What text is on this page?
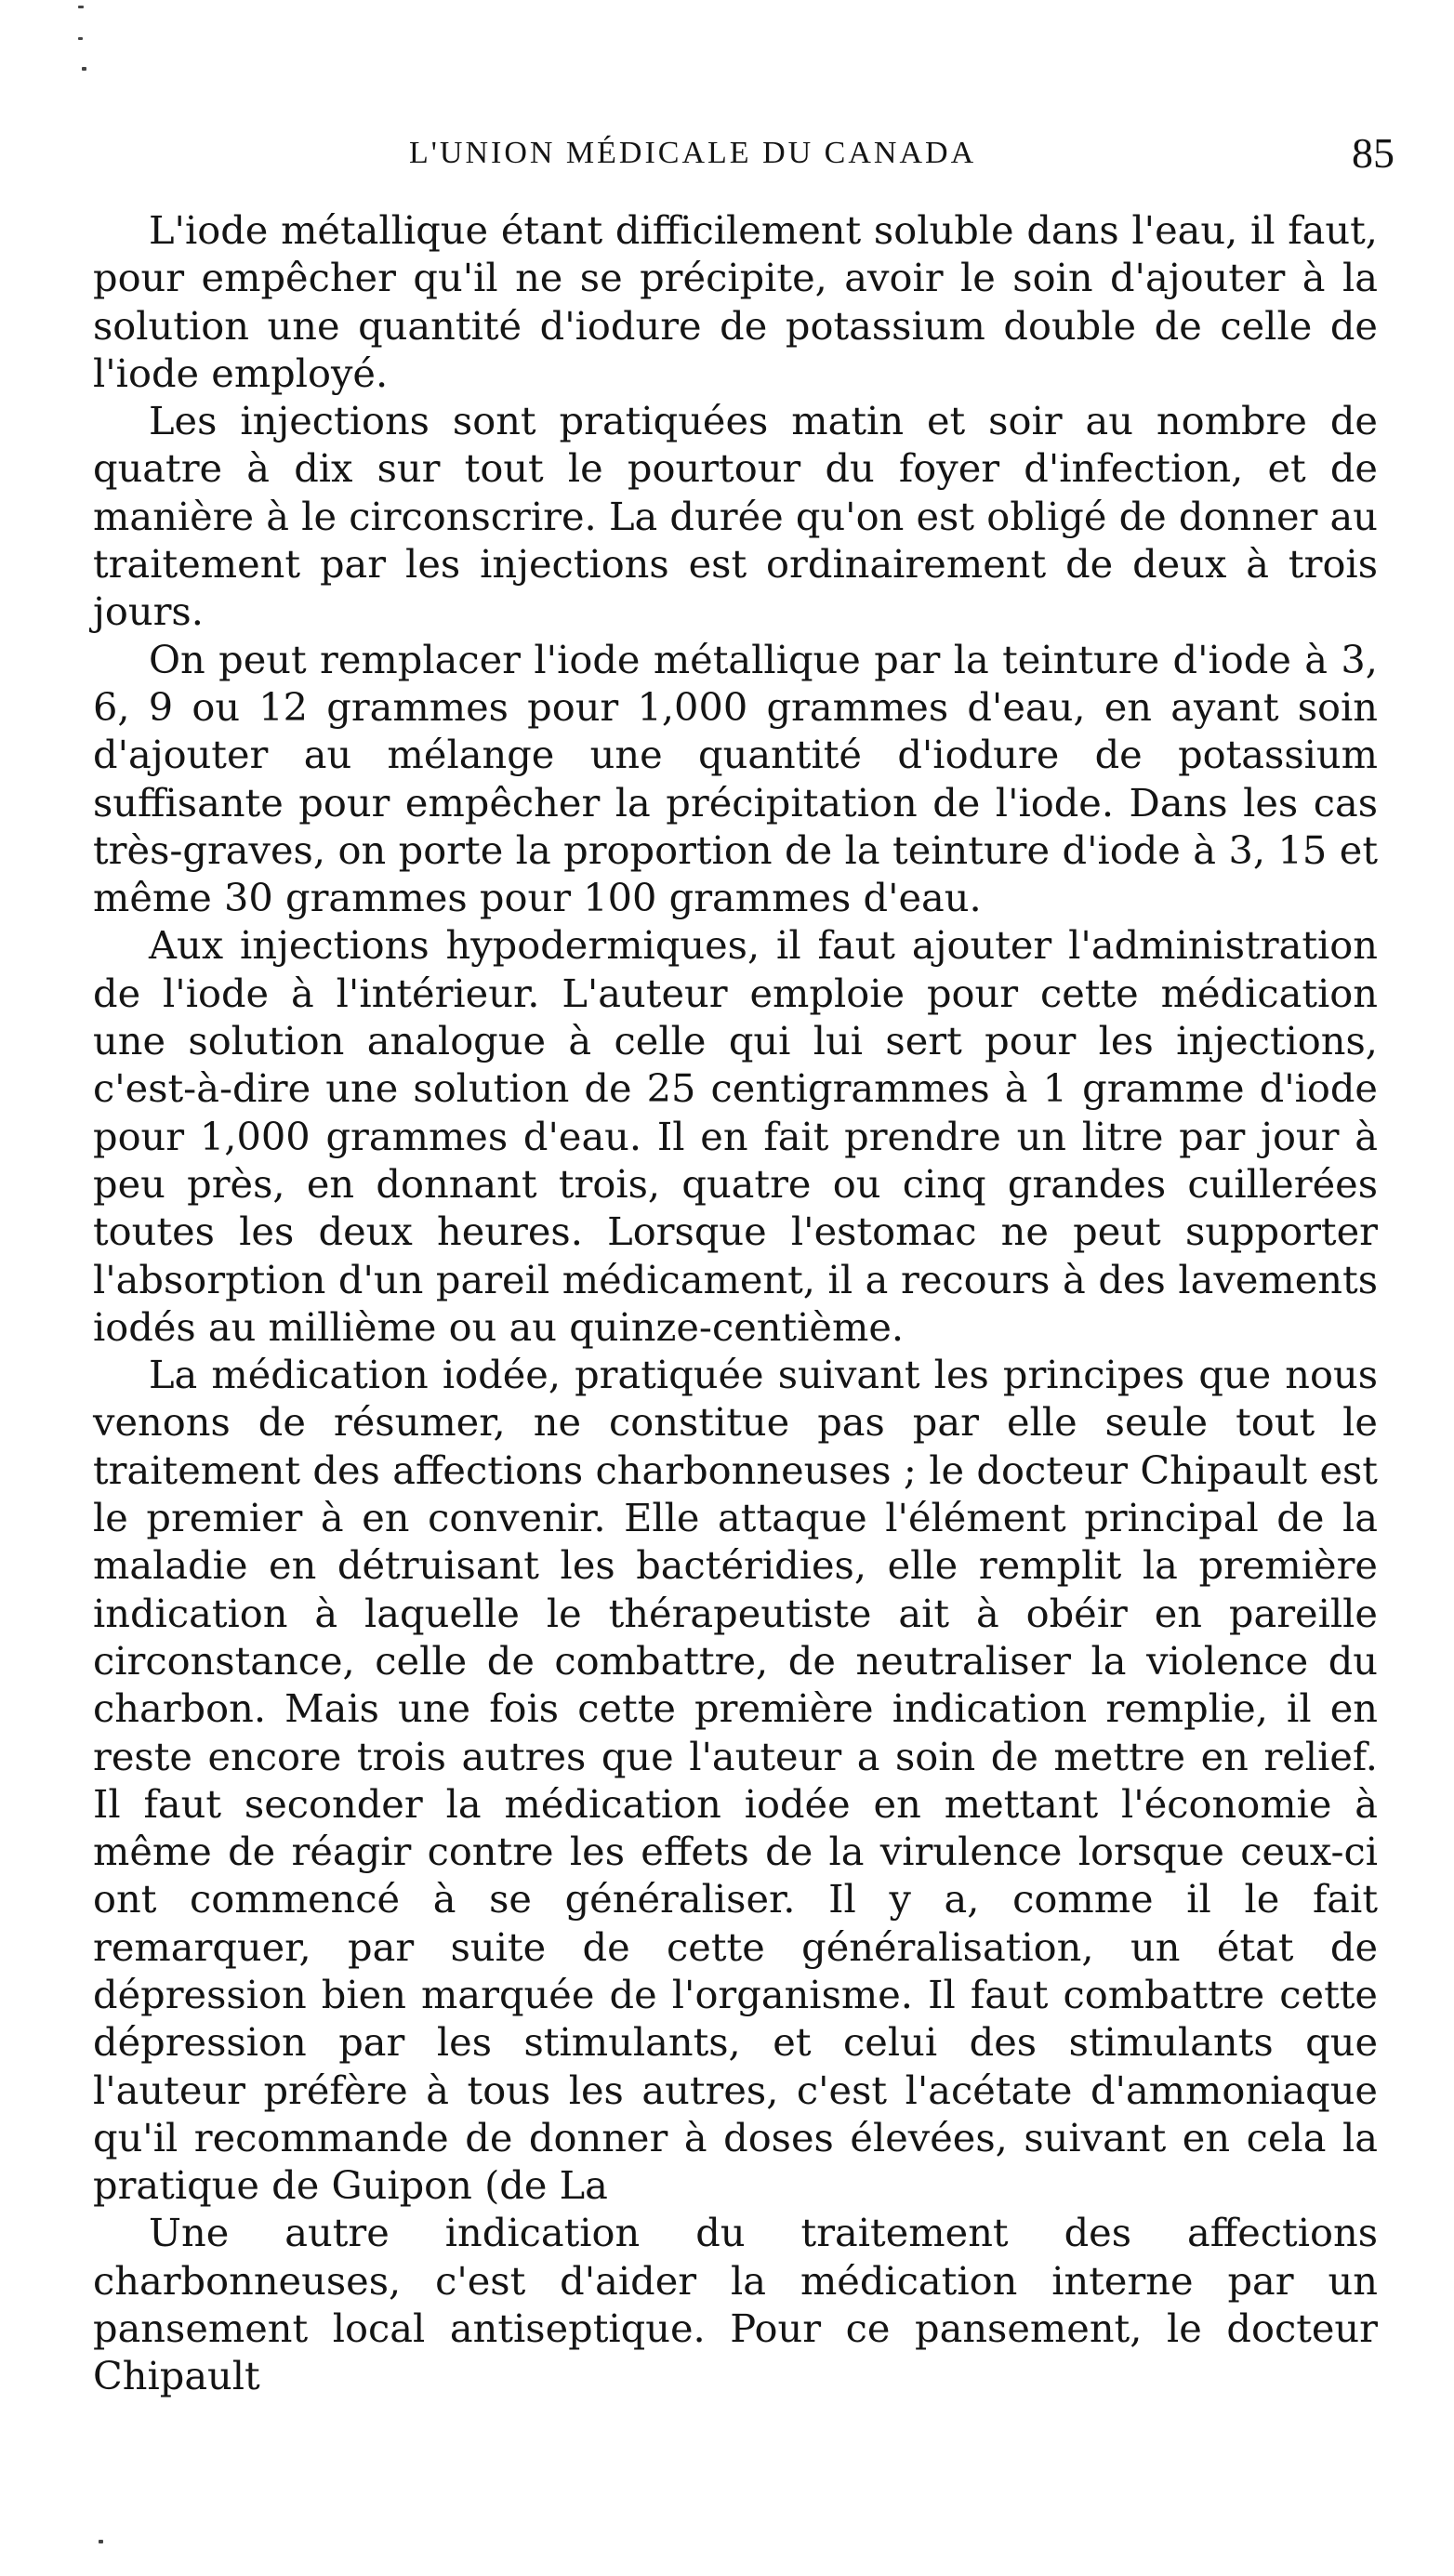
L'UNION MÉDICALE DU CANADA	85

L'iode métallique étant difficilement soluble dans l'eau, il faut, pour empêcher qu'il ne se précipite, avoir le soin d'ajouter à la solution une quantité d'iodure de potassium double de celle de l'iode employé.

Les injections sont pratiquées matin et soir au nombre de quatre à dix sur tout le pourtour du foyer d'infection, et de manière à le circonscrire. La durée qu'on est obligé de donner au traitement par les injections est ordinairement de deux à trois jours.

On peut remplacer l'iode métallique par la teinture d'iode à 3, 6, 9 ou 12 grammes pour 1,000 grammes d'eau, en ayant soin d'ajouter au mélange une quantité d'iodure de potassium suffisante pour empêcher la précipitation de l'iode. Dans les cas très-graves, on porte la proportion de la teinture d'iode à 3, 15 et même 30 grammes pour 100 grammes d'eau.

Aux injections hypodermiques, il faut ajouter l'administration de l'iode à l'intérieur. L'auteur emploie pour cette médication une solution analogue à celle qui lui sert pour les injections, c'est-à-dire une solution de 25 centigrammes à 1 gramme d'iode pour 1,000 grammes d'eau. Il en fait prendre un litre par jour à peu près, en donnant trois, quatre ou cinq grandes cuillerées toutes les deux heures. Lorsque l'estomac ne peut supporter l'absorption d'un pareil médicament, il a recours à des lavements iodés au millième ou au quinze-centième.

La médication iodée, pratiquée suivant les principes que nous venons de résumer, ne constitue pas par elle seule tout le traitement des affections charbonneuses ; le docteur Chipault est le premier à en convenir. Elle attaque l'élément principal de la maladie en détruisant les bactéridies, elle remplit la première indication à laquelle le thérapeutiste ait à obéir en pareille circonstance, celle de combattre, de neutraliser la violence du charbon. Mais une fois cette première indication remplie, il en reste encore trois autres que l'auteur a soin de mettre en relief. Il faut seconder la médication iodée en mettant l'économie à même de réagir contre les effets de la virulence lorsque ceux-ci ont commencé à se généraliser. Il y a, comme il le fait remarquer, par suite de cette généralisation, un état de dépression bien marquée de l'organisme. Il faut combattre cette dépression par les stimulants, et celui des stimulants que l'auteur préfère à tous les autres, c'est l'acétate d'ammoniaque qu'il recommande de donner à doses élevées, suivant en cela la pratique de Guipon (de La

Une autre indication du traitement des affections charbonneuses, c'est d'aider la médication interne par un pansement local antiseptique. Pour ce pansement, le docteur Chipault
